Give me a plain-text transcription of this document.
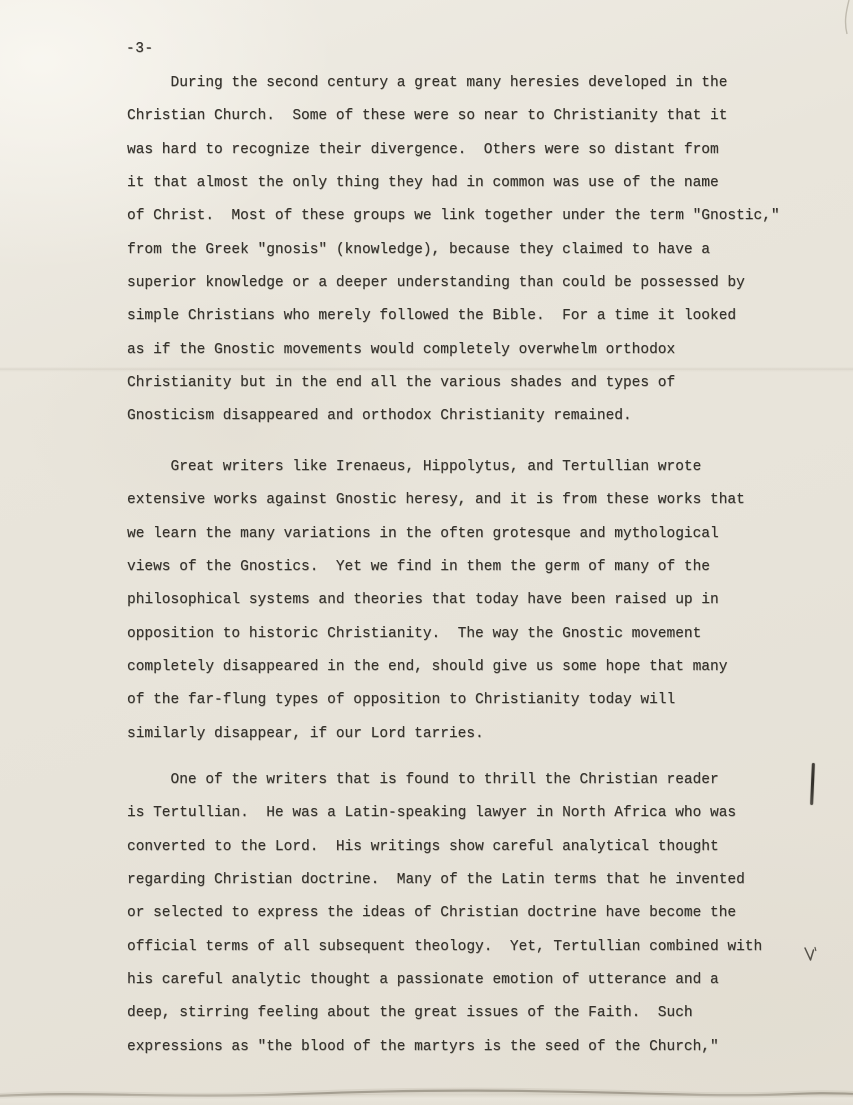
-3-
During the second century a great many heresies developed in the
Christian Church.  Some of these were so near to Christianity that it
was hard to recognize their divergence.  Others were so distant from
it that almost the only thing they had in common was use of the name
of Christ.  Most of these groups we link together under the term "Gnostic,"
from the Greek "gnosis" (knowledge), because they claimed to have a
superior knowledge or a deeper understanding than could be possessed by
simple Christians who merely followed the Bible.  For a time it looked
as if the Gnostic movements would completely overwhelm orthodox
Christianity but in the end all the various shades and types of
Gnosticism disappeared and orthodox Christianity remained.
Great writers like Irenaeus, Hippolytus, and Tertullian wrote
extensive works against Gnostic heresy, and it is from these works that
we learn the many variations in the often grotesque and mythological
views of the Gnostics.  Yet we find in them the germ of many of the
philosophical systems and theories that today have been raised up in
opposition to historic Christianity.  The way the Gnostic movement
completely disappeared in the end, should give us some hope that many
of the far-flung types of opposition to Christianity today will
similarly disappear, if our Lord tarries.
One of the writers that is found to thrill the Christian reader
is Tertullian.  He was a Latin-speaking lawyer in North Africa who was
converted to the Lord.  His writings show careful analytical thought
regarding Christian doctrine.  Many of the Latin terms that he invented
or selected to express the ideas of Christian doctrine have become the
official terms of all subsequent theology.  Yet, Tertullian combined with
his careful analytic thought a passionate emotion of utterance and a
deep, stirring feeling about the great issues of the Faith.  Such
expressions as "the blood of the martyrs is the seed of the Church,"
